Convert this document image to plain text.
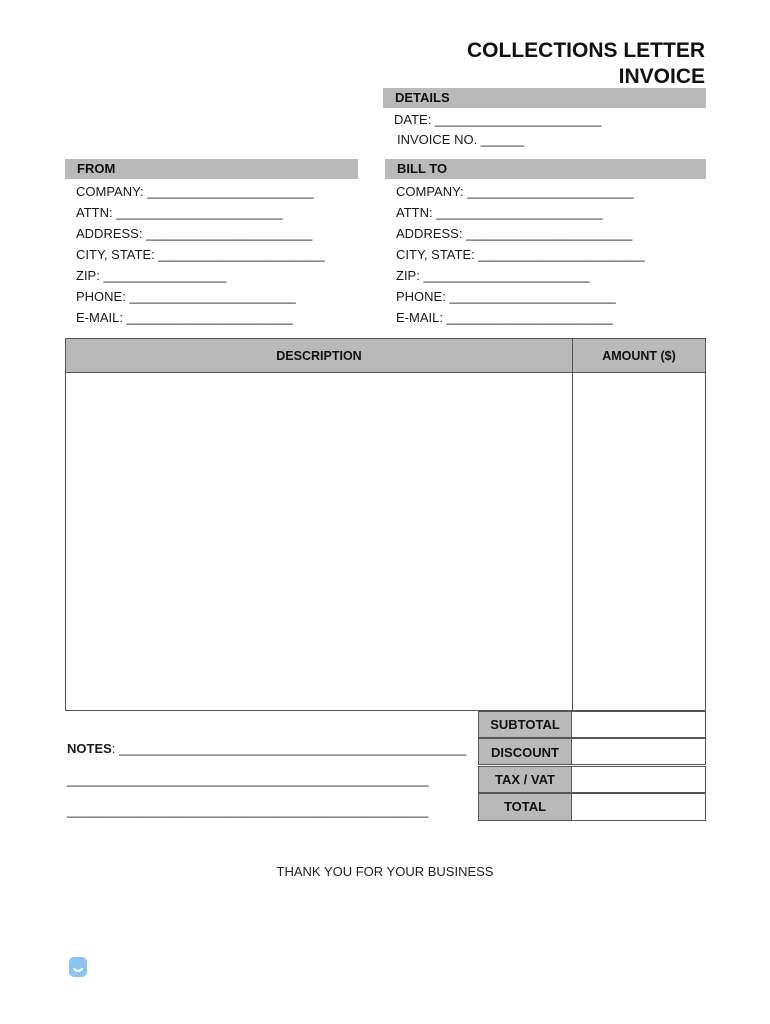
COLLECTIONS LETTER
INVOICE
DETAILS
DATE: _______________________
INVOICE NO. ______
FROM
COMPANY: _______________________
ATTN: _______________________
ADDRESS: _______________________
CITY, STATE: _______________________
ZIP: _________________
PHONE: _______________________
E-MAIL: _______________________
BILL TO
COMPANY: _______________________
ATTN: _______________________
ADDRESS: _______________________
CITY, STATE: _______________________
ZIP: _______________________
PHONE: _______________________
E-MAIL: _______________________
DESCRIPTION	AMOUNT ($)
SUBTOTAL
DISCOUNT
TAX / VAT
TOTAL
NOTES: ________________________________________________
__________________________________________________
__________________________________________________
THANK YOU FOR YOUR BUSINESS
